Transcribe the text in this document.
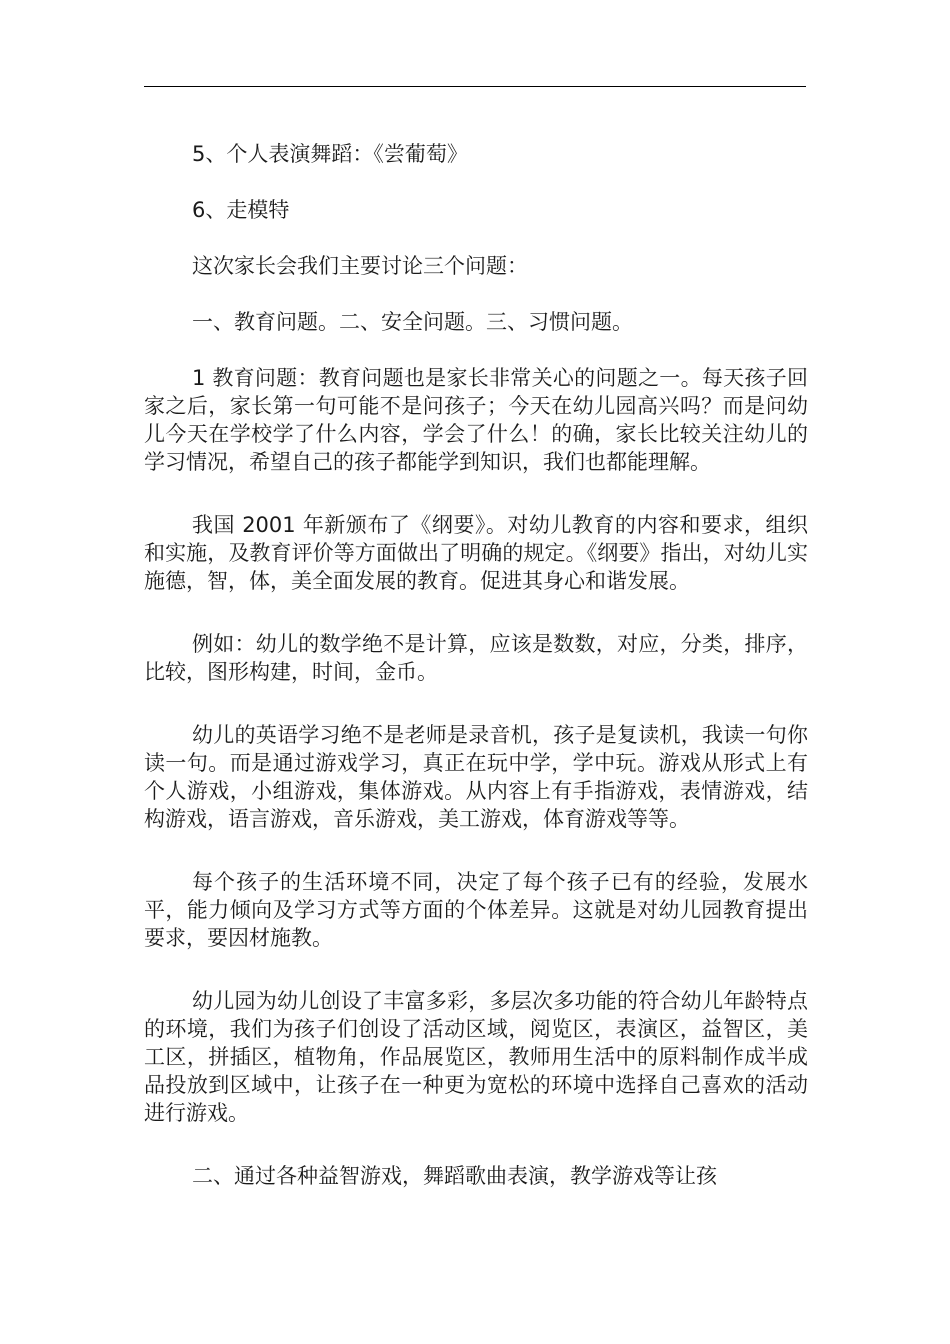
5、个人表演舞蹈：《尝葡萄》

6、走模特

这次家长会我们主要讨论三个问题：

一、教育问题。二、安全问题。三、习惯问题。

1 教育问题：教育问题也是家长非常关心的问题之一。每天孩子回家之后，家长第一句可能不是问孩子；今天在幼儿园高兴吗？而是问幼儿今天在学校学了什么内容，学会了什么！的确，家长比较关注幼儿的学习情况，希望自己的孩子都能学到知识，我们也都能理解。

我国 2001 年新颁布了《纲要》。对幼儿教育的内容和要求，组织和实施，及教育评价等方面做出了明确的规定。《纲要》指出，对幼儿实施德，智，体，美全面发展的教育。促进其身心和谐发展。

例如：幼儿的数学绝不是计算，应该是数数，对应，分类，排序，比较，图形构建，时间，金币。

幼儿的英语学习绝不是老师是录音机，孩子是复读机，我读一句你读一句。而是通过游戏学习，真正在玩中学，学中玩。游戏从形式上有个人游戏，小组游戏，集体游戏。从内容上有手指游戏，表情游戏，结构游戏，语言游戏，音乐游戏，美工游戏，体育游戏等等。

每个孩子的生活环境不同，决定了每个孩子已有的经验，发展水平，能力倾向及学习方式等方面的个体差异。这就是对幼儿园教育提出要求，要因材施教。

幼儿园为幼儿创设了丰富多彩，多层次多功能的符合幼儿年龄特点的环境，我们为孩子们创设了活动区域，阅览区，表演区，益智区，美工区，拼插区，植物角，作品展览区，教师用生活中的原料制作成半成品投放到区域中，让孩子在一种更为宽松的环境中选择自己喜欢的活动进行游戏。

二、通过各种益智游戏，舞蹈歌曲表演，教学游戏等让孩
